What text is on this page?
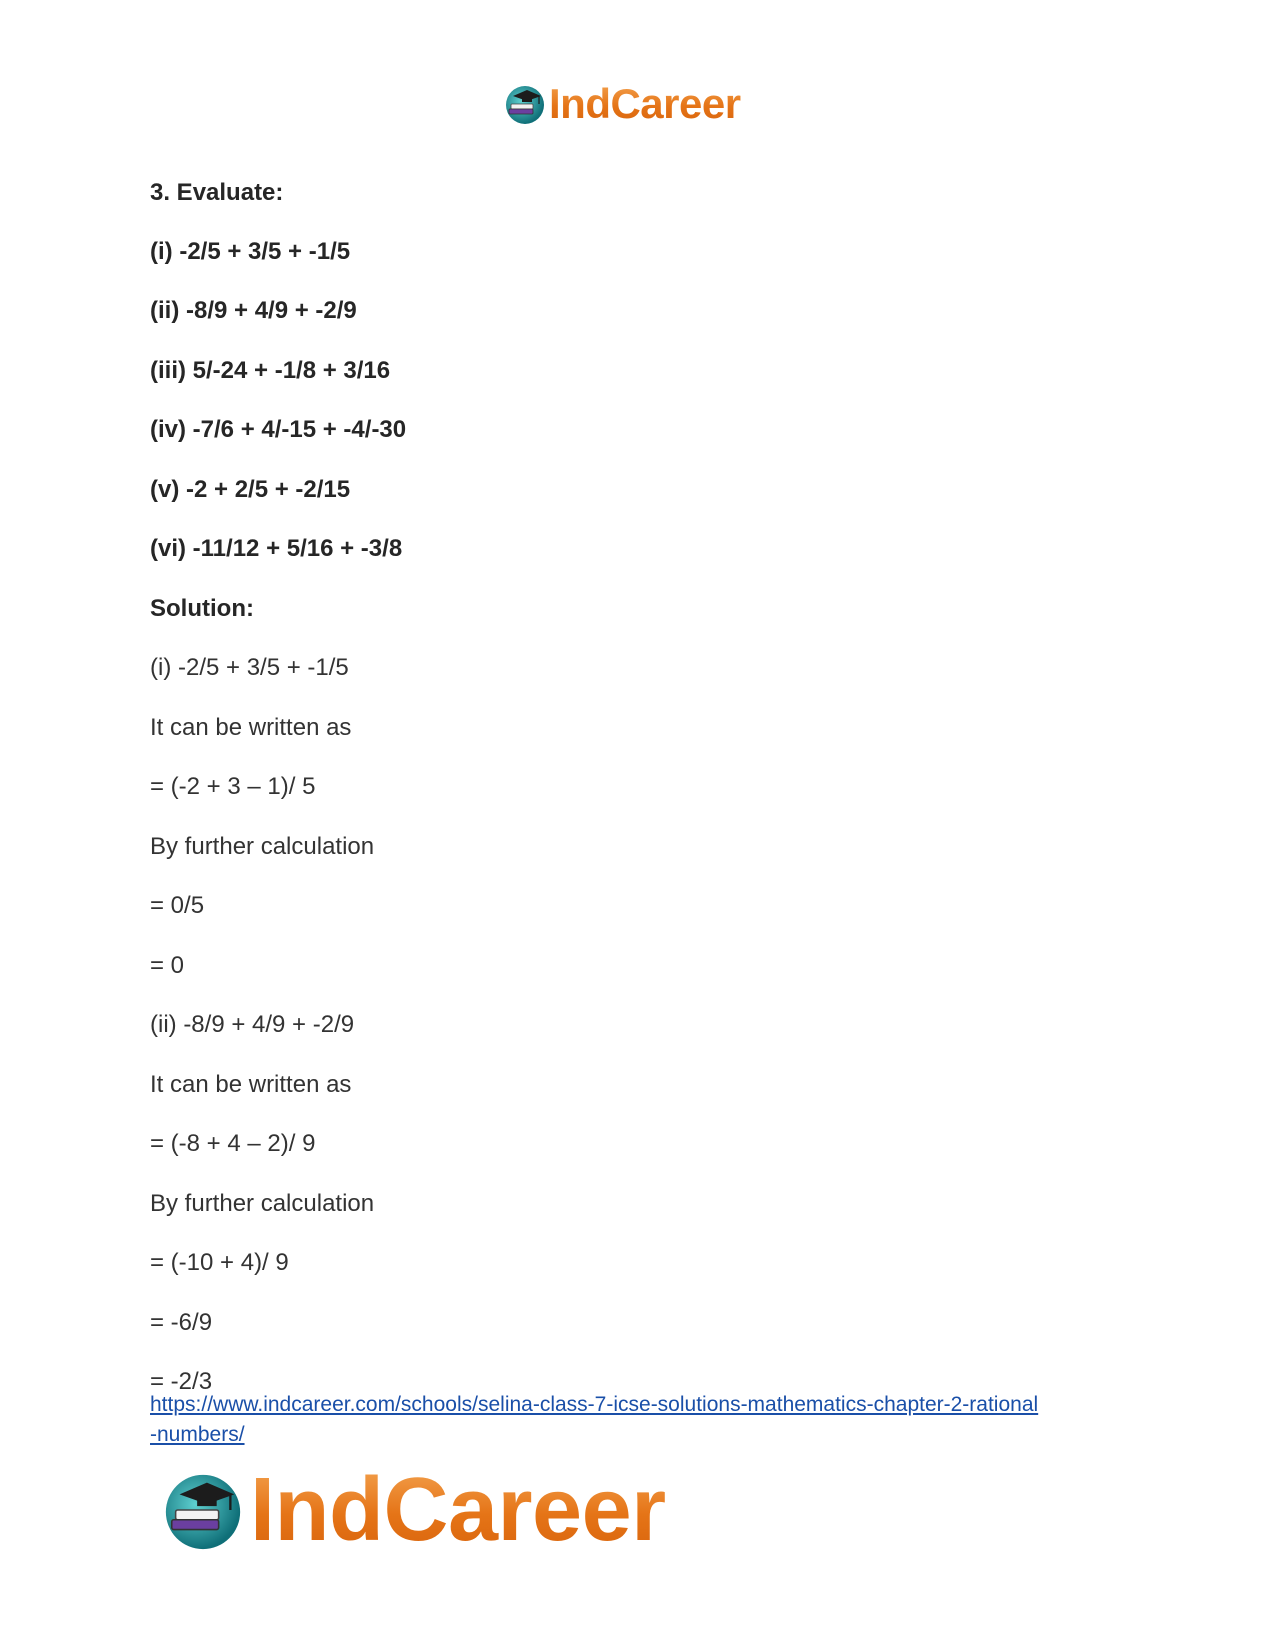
IndCareer
3. Evaluate:
(i) -2/5 + 3/5 + -1/5
(ii) -8/9 + 4/9 + -2/9
(iii) 5/-24 + -1/8 + 3/16
(iv) -7/6 + 4/-15 + -4/-30
(v) -2 + 2/5 + -2/15
(vi) -11/12 + 5/16 + -3/8
Solution:
(i) -2/5 + 3/5 + -1/5
It can be written as
= (-2 + 3 – 1)/ 5
By further calculation
= 0/5
= 0
(ii) -8/9 + 4/9 + -2/9
It can be written as
= (-8 + 4 – 2)/ 9
By further calculation
= (-10 + 4)/ 9
= -6/9
= -2/3
https://www.indcareer.com/schools/selina-class-7-icse-solutions-mathematics-chapter-2-rational
-numbers/
IndCareer
